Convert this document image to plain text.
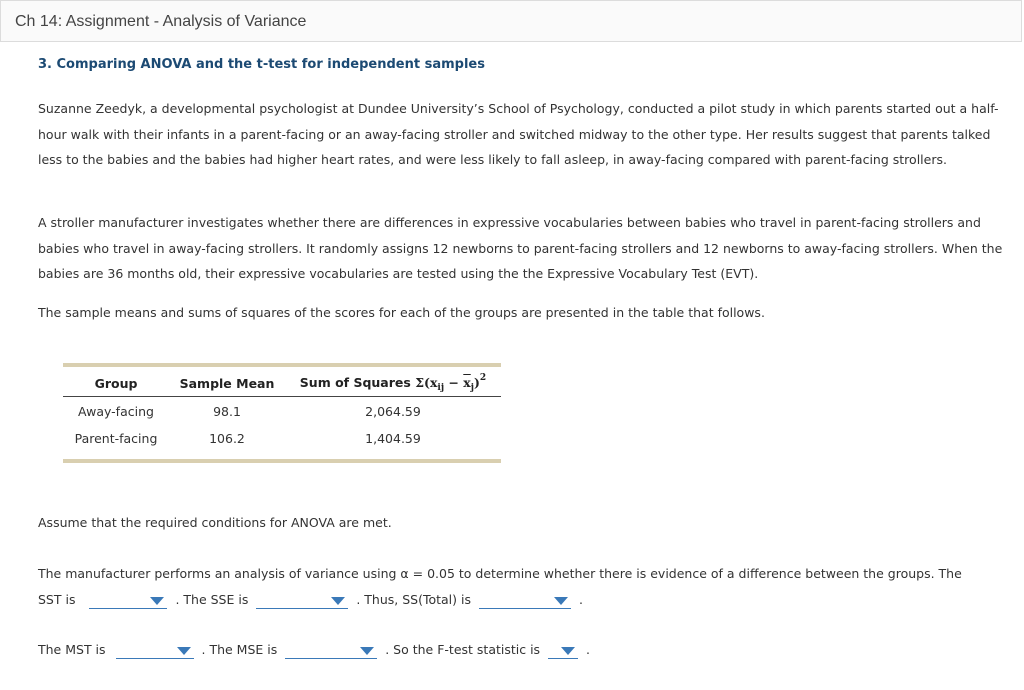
Ch 14: Assignment - Analysis of Variance
3. Comparing ANOVA and the t-test for independent samples
Suzanne Zeedyk, a developmental psychologist at Dundee University’s School of Psychology, conducted a pilot study in which parents started out a half-hour walk with their infants in a parent-facing or an away-facing stroller and switched midway to the other type. Her results suggest that parents talked less to the babies and the babies had higher heart rates, and were less likely to fall asleep, in away-facing compared with parent-facing strollers.
A stroller manufacturer investigates whether there are differences in expressive vocabularies between babies who travel in parent-facing strollers and babies who travel in away-facing strollers. It randomly assigns 12 newborns to parent-facing strollers and 12 newborns to away-facing strollers. When the babies are 36 months old, their expressive vocabularies are tested using the the Expressive Vocabulary Test (EVT).
The sample means and sums of squares of the scores for each of the groups are presented in the table that follows.
Group	Sample Mean	Sum of Squares $\Sigma(x_{ij} - \overline{x}_j)^2$
Away-facing	98.1	2,064.59
Parent-facing	106.2	1,404.59
Assume that the required conditions for ANOVA are met.
The manufacturer performs an analysis of variance using α = 0.05 to determine whether there is evidence of a difference between the groups. The
SST is	. The SSE is	. Thus, SS(Total) is	.
The MST is	. The MSE is	. So the F-test statistic is	.
